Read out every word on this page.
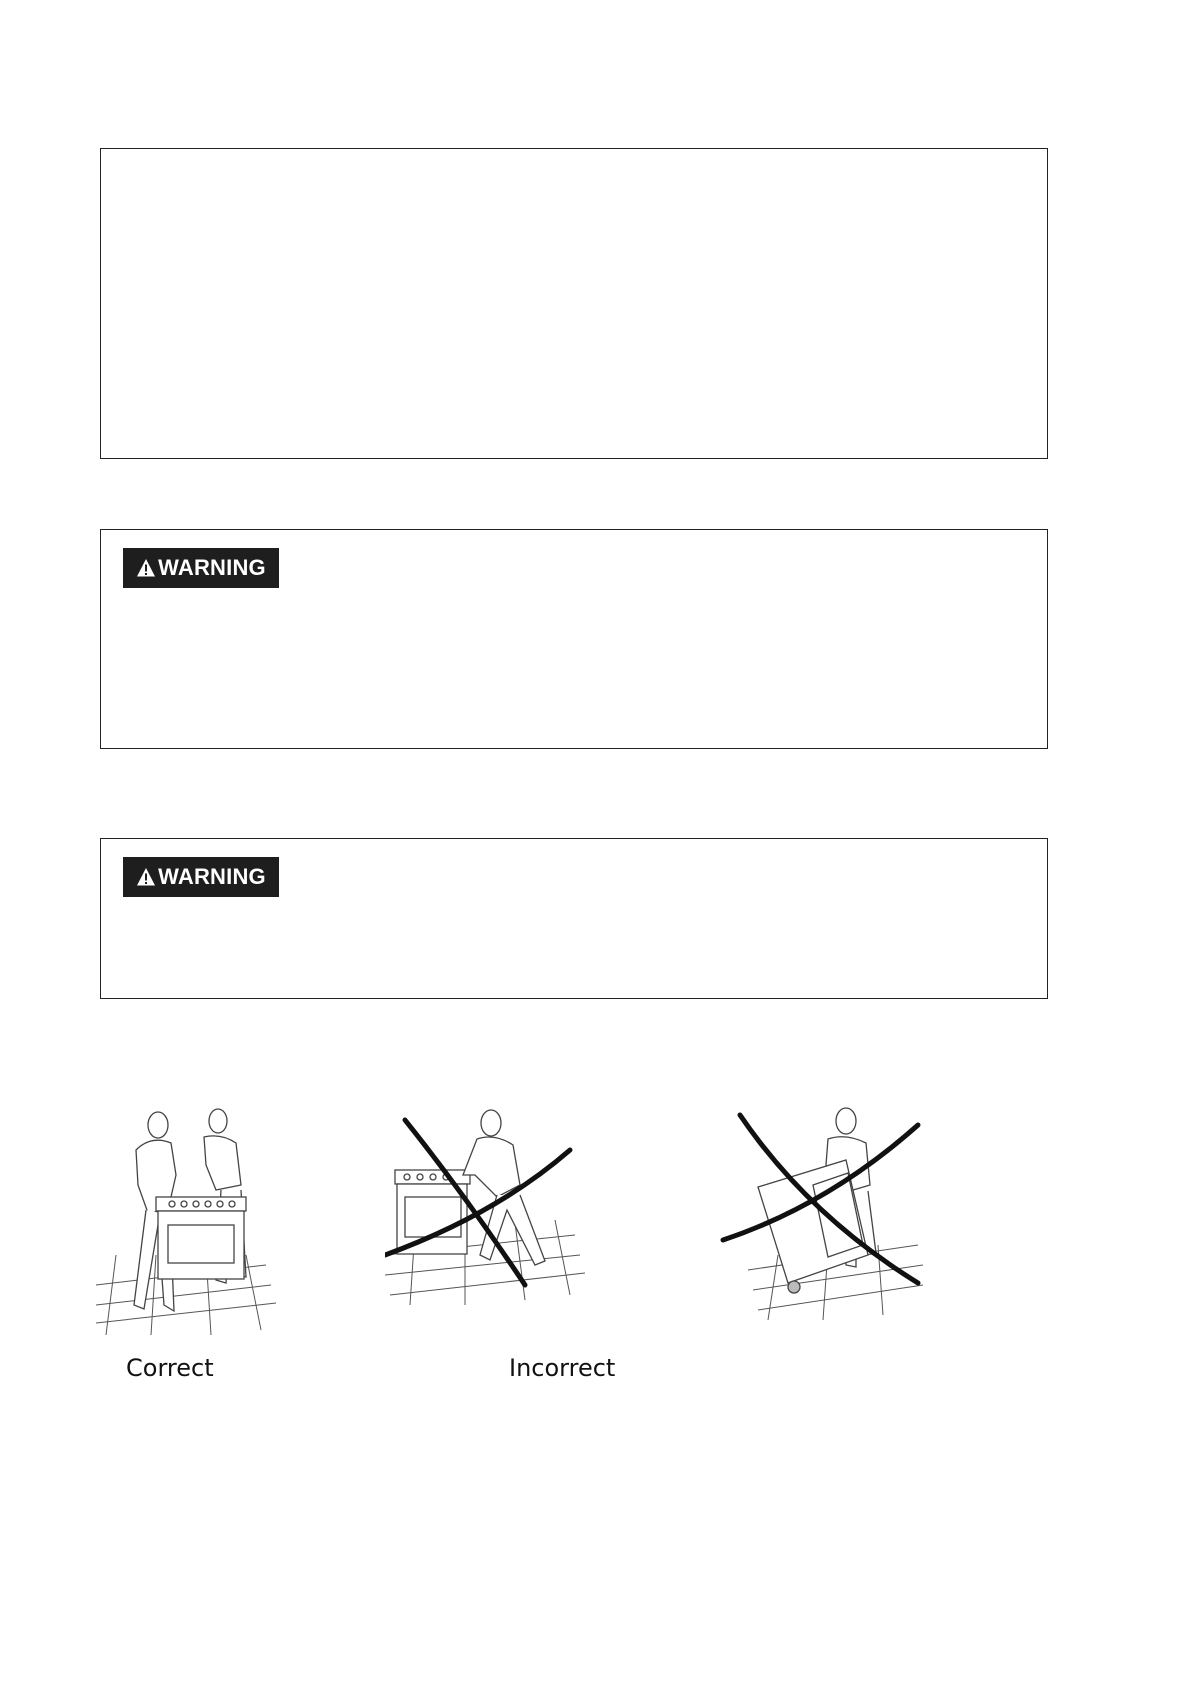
WARNING
WARNING
Correct	Incorrect
